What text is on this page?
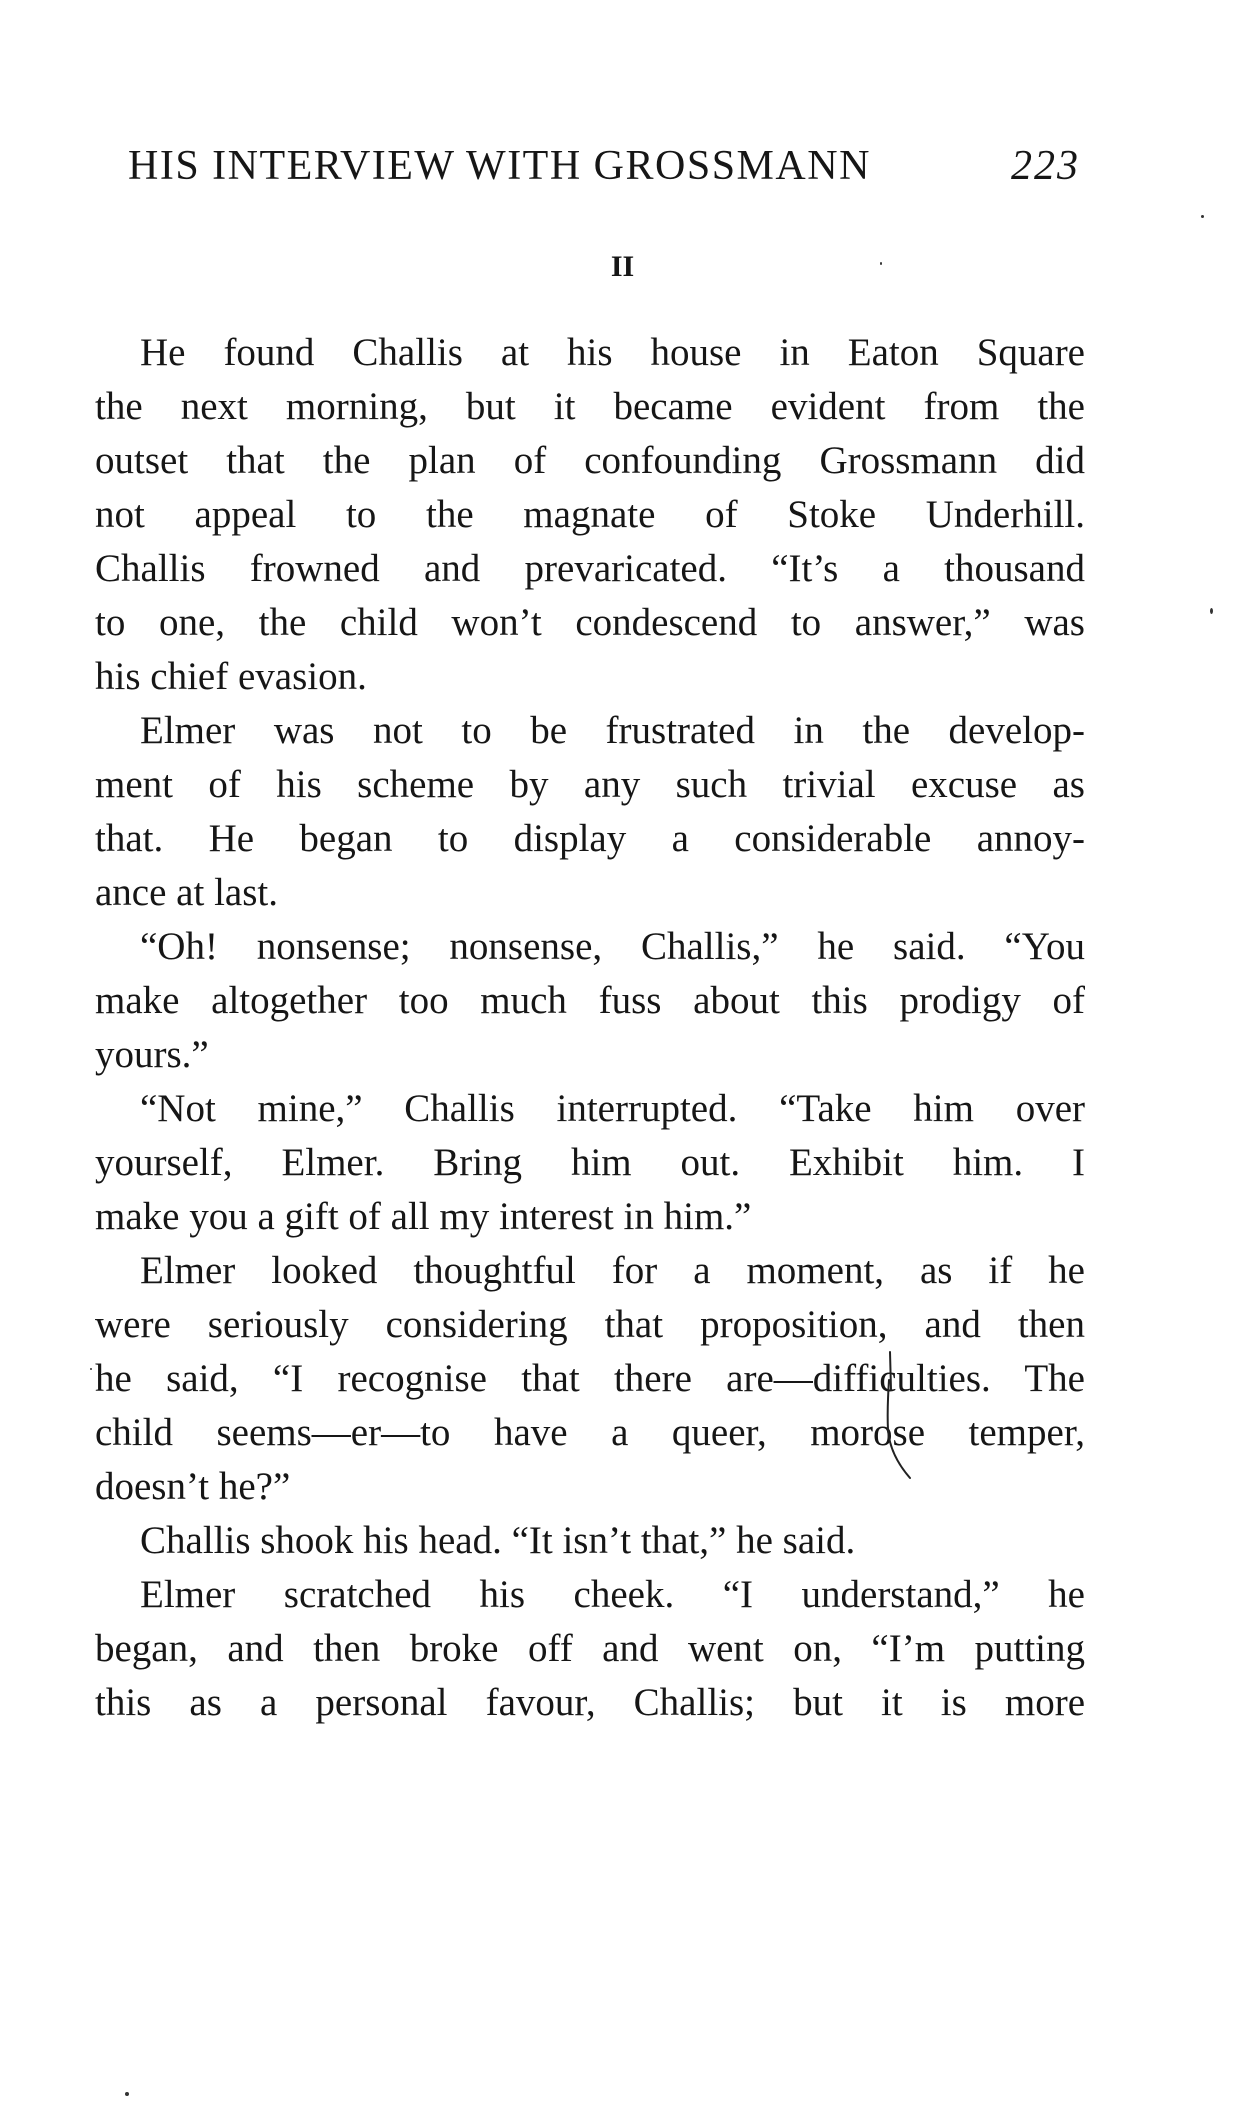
HIS INTERVIEW WITH GROSSMANN	223
II
He found Challis at his house in Eaton Square
the next morning, but it became evident from the
outset that the plan of confounding Grossmann did
not appeal to the magnate of Stoke Underhill.
Challis frowned and prevaricated. “It’s a thousand
to one, the child won’t condescend to answer,” was
his chief evasion.
Elmer was not to be frustrated in the develop-
ment of his scheme by any such trivial excuse as
that. He began to display a considerable annoy-
ance at last.
“Oh! nonsense; nonsense, Challis,” he said. “You
make altogether too much fuss about this prodigy of
yours.”
“Not mine,” Challis interrupted. “Take him over
yourself, Elmer. Bring him out. Exhibit him. I
make you a gift of all my interest in him.”
Elmer looked thoughtful for a moment, as if he
were seriously considering that proposition, and then
he said, “I recognise that there are—difficulties. The
child seems—er—to have a queer, morose temper,
doesn’t he?”
Challis shook his head. “It isn’t that,” he said.
Elmer scratched his cheek. “I understand,” he
began, and then broke off and went on, “I’m putting
this as a personal favour, Challis; but it is more
